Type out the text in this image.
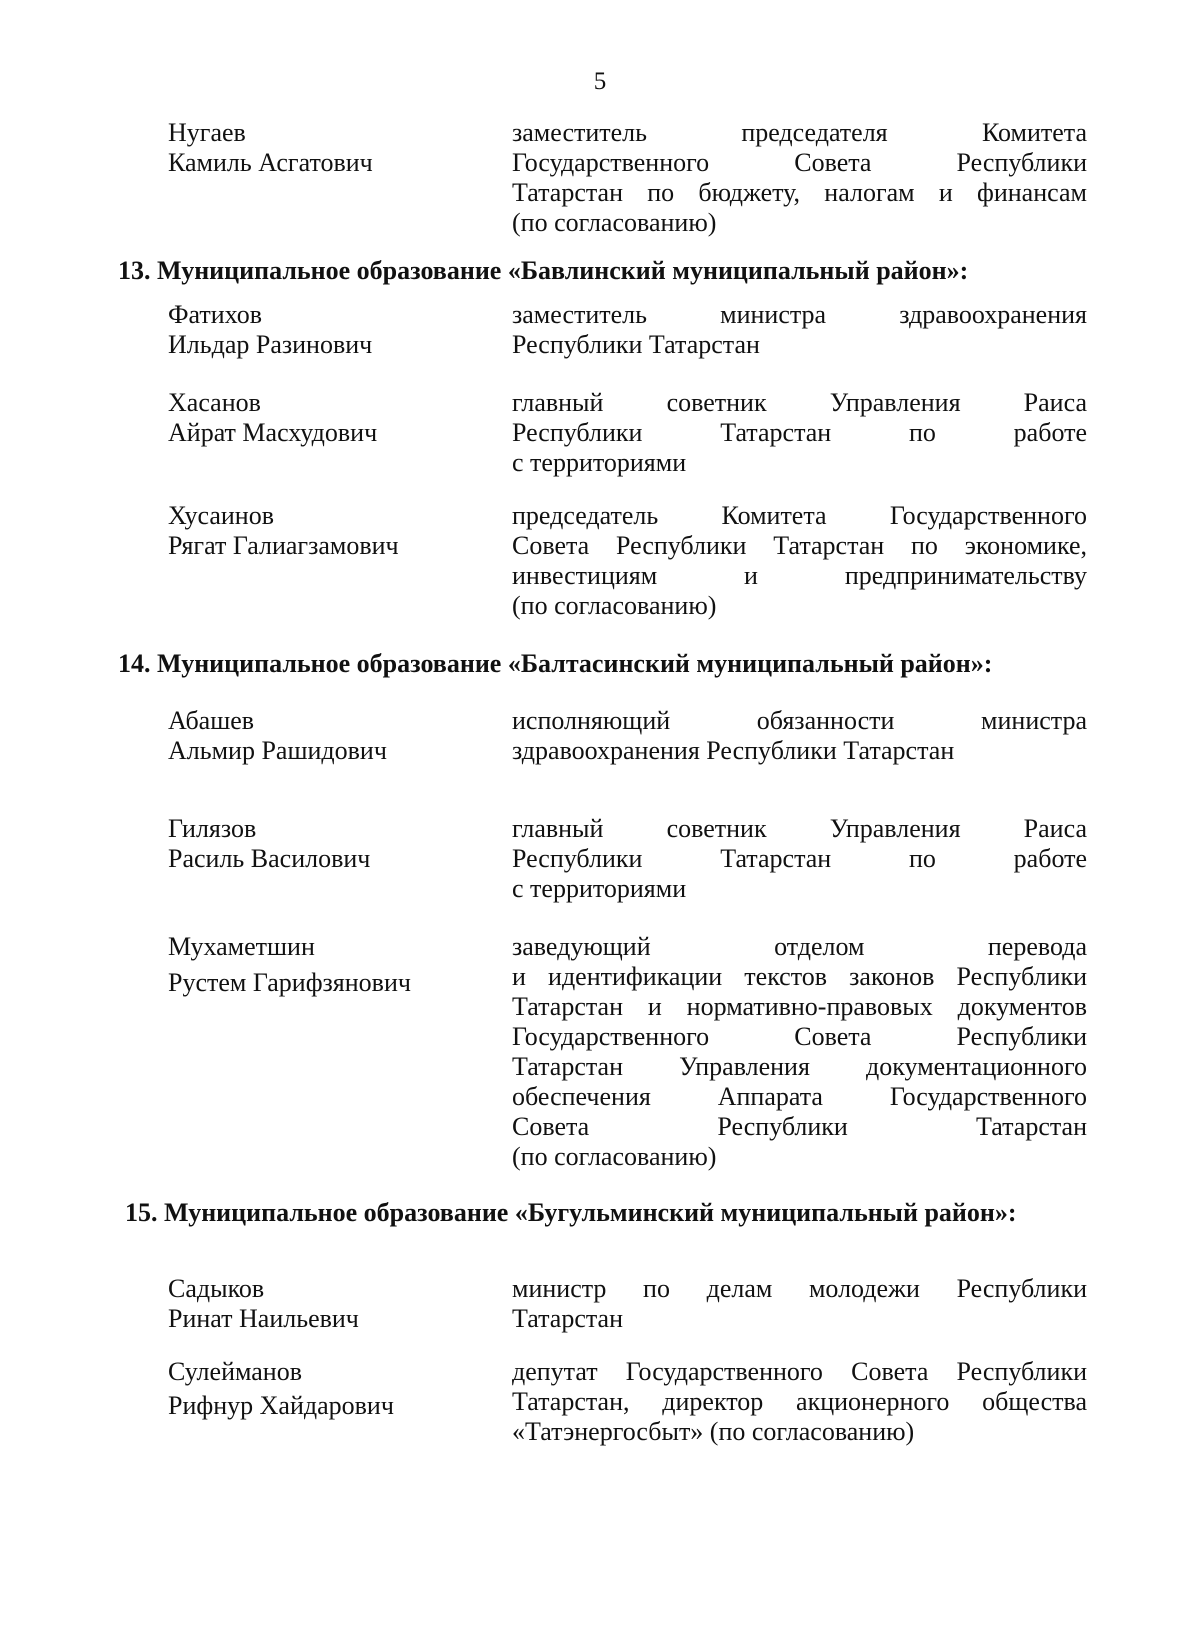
5
Нугаев
Камиль Асгатович
заместитель председателя Комитета
Государственного Совета Республики
Татарстан по бюджету, налогам и финансам
(по согласованию)
13. Муниципальное образование «Бавлинский муниципальный район»:
Фатихов
Ильдар Разинович
заместитель министра здравоохранения
Республики Татарстан
Хасанов
Айрат Масхудович
главный советник Управления Раиса
Республики Татарстан по работе
с территориями
Хусаинов
Рягат Галиагзамович
председатель Комитета Государственного
Совета Республики Татарстан по экономике,
инвестициям и предпринимательству
(по согласованию)
14. Муниципальное образование «Балтасинский муниципальный район»:
Абашев
Альмир Рашидович
исполняющий обязанности министра
здравоохранения Республики Татарстан
Гилязов
Расиль Василович
главный советник Управления Раиса
Республики Татарстан по работе
с территориями
Мухаметшин
Рустем Гарифзянович
заведующий отделом перевода
и идентификации текстов законов Республики
Татарстан и нормативно-правовых документов
Государственного Совета Республики
Татарстан Управления документационного
обеспечения Аппарата Государственного
Совета Республики Татарстан
(по согласованию)
15. Муниципальное образование «Бугульминский муниципальный район»:
Садыков
Ринат Наильевич
министр по делам молодежи Республики
Татарстан
Сулейманов
Рифнур Хайдарович
депутат Государственного Совета Республики
Татарстан, директор акционерного общества
«Татэнергосбыт» (по согласованию)
